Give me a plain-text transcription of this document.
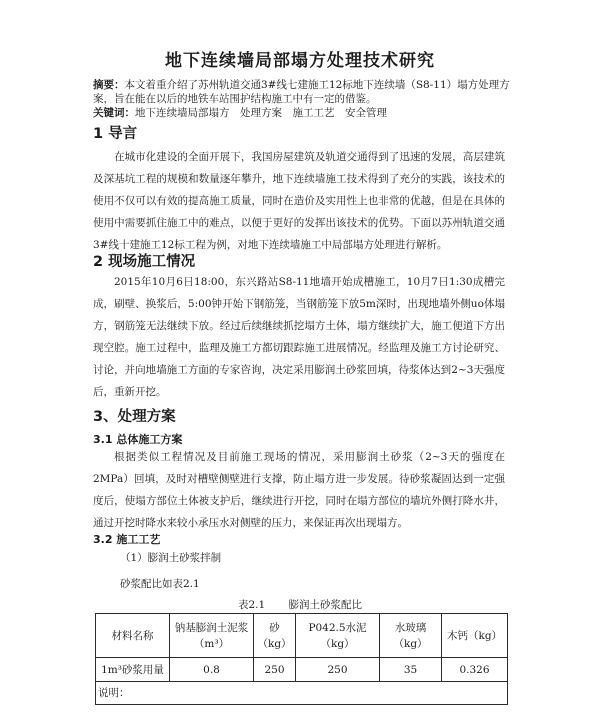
地下连续墙局部塌方处理技术研究
摘要：本文着重介绍了苏州轨道交通3#线七建施工12标地下连续墙（S8-11）塌方处理方案，旨在能在以后的地铁车站围护结构施工中有一定的借鉴。
关键词：地下连续墙局部塌方　处理方案　施工工艺　安全管理
1 导言
在城市化建设的全面开展下，我国房屋建筑及轨道交通得到了迅速的发展，高层建筑及深基坑工程的规模和数量逐年攀升，地下连续墙施工技术得到了充分的实践，该技术的使用不仅可以有效的提高施工质量，同时在造价及实用性上也非常的优越，但是在具体的使用中需要抓住施工中的难点，以便于更好的发挥出该技术的优势。下面以苏州轨道交通3#线十建施工12标工程为例，对地下连续墙施工中局部塌方处理进行解析。
2 现场施工情况
2015年10月6日18:00，东兴路站S8-11地墙开始成槽施工，10月7日1:30成槽完成，刷壁、换浆后，5:00钟开始下钢筋笼，当钢筋笼下放5m深时，出现地墙外侧uo体塌方，钢筋笼无法继续下放。经过后续继续抓挖塌方土体，塌方继续扩大，施工便道下方出现空腔。施工过程中，监理及施工方都切跟踪施工进展情况。经监理及施工方讨论研究、讨论，并向地墙施工方面的专家咨询，决定采用膨润土砂浆回填，待浆体达到2~3天强度后，重新开挖。
3、处理方案
3.1 总体施工方案
根据类似工程情况及目前施工现场的情况，采用膨润土砂浆（2~3天的强度在2MPa）回填，及时对槽壁侧壁进行支撑，防止塌方进一步发展。待砂浆凝固达到一定强度后，使塌方部位土体被支护后，继续进行开挖，同时在塌方部位的墙坑外侧打降水井，通过开挖时降水来较小承压水对侧壁的压力，来保证再次出现塌方。
3.2 施工工艺
（1）膨润土砂浆拌制
砂浆配比如表2.1
表2.1 膨润土砂浆配比
材料名称	钠基膨润土泥浆（m³）	砂（kg）	P042.5水泥（kg）	水玻璃（kg）	木钙（kg）
1m³砂浆用量	0.8	250	250	35	0.326
说明：					
